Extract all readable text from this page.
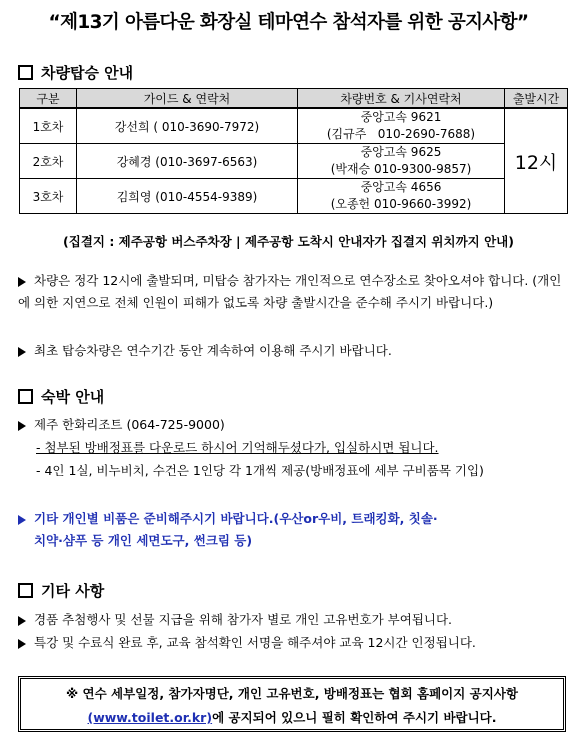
“제13기 아름다운 화장실 테마연수 참석자를 위한 공지사항”
차량탑승 안내
구분	가이드 & 연락처	차량번호 & 기사연락처	출발시간
1호차	강선희 ( 010-3690-7972)	중앙고속 9621
(김규주   010-2690-7688)	12시
2호차	강혜경 (010-3697-6563)	중앙고속 9625
(박재승 010-9300-9857)	

3호차	김희영 (010-4554-9389)	중앙고속 4656
(오종헌 010-9660-3992)	
(집결지 : 제주공항 버스주차장 | 제주공항 도착시 안내자가 집결지 위치까지 안내)
차량은 정각 12시에 출발되며, 미탑승 참가자는 개인적으로 연수장소로 찾아오셔야 합니다. (개인에 의한 지연으로 전체 인원이 피해가 없도록 차량 출발시간을 준수해 주시기 바랍니다.)
최초 탑승차량은 연수기간 동안 계속하여 이용해 주시기 바랍니다.
숙박 안내
제주 한화리조트 (064-725-9000)
- 첨부된 방배정표를 다운로드 하시어 기억해두셨다가, 입실하시면 됩니다.
- 4인 1실, 비누비치, 수건은 1인당 각 1개씩 제공(방배정표에 세부 구비품목 기입)
기타 개인별 비품은 준비해주시기 바랍니다.(우산or우비, 트래킹화, 칫솔·
치약·샴푸 등 개인 세면도구, 썬크림 등)
기타 사항
경품 추첨행사 및 선물 지급을 위해 참가자 별로 개인 고유번호가 부여됩니다.
특강 및 수료식 완료 후, 교육 참석확인 서명을 해주셔야 교육 12시간 인정됩니다.
※ 연수 세부일정, 참가자명단, 개인 고유번호, 방배정표는 협회 홈페이지 공지사항
(www.toilet.or.kr)에 공지되어 있으니 필히 확인하여 주시기 바랍니다.
